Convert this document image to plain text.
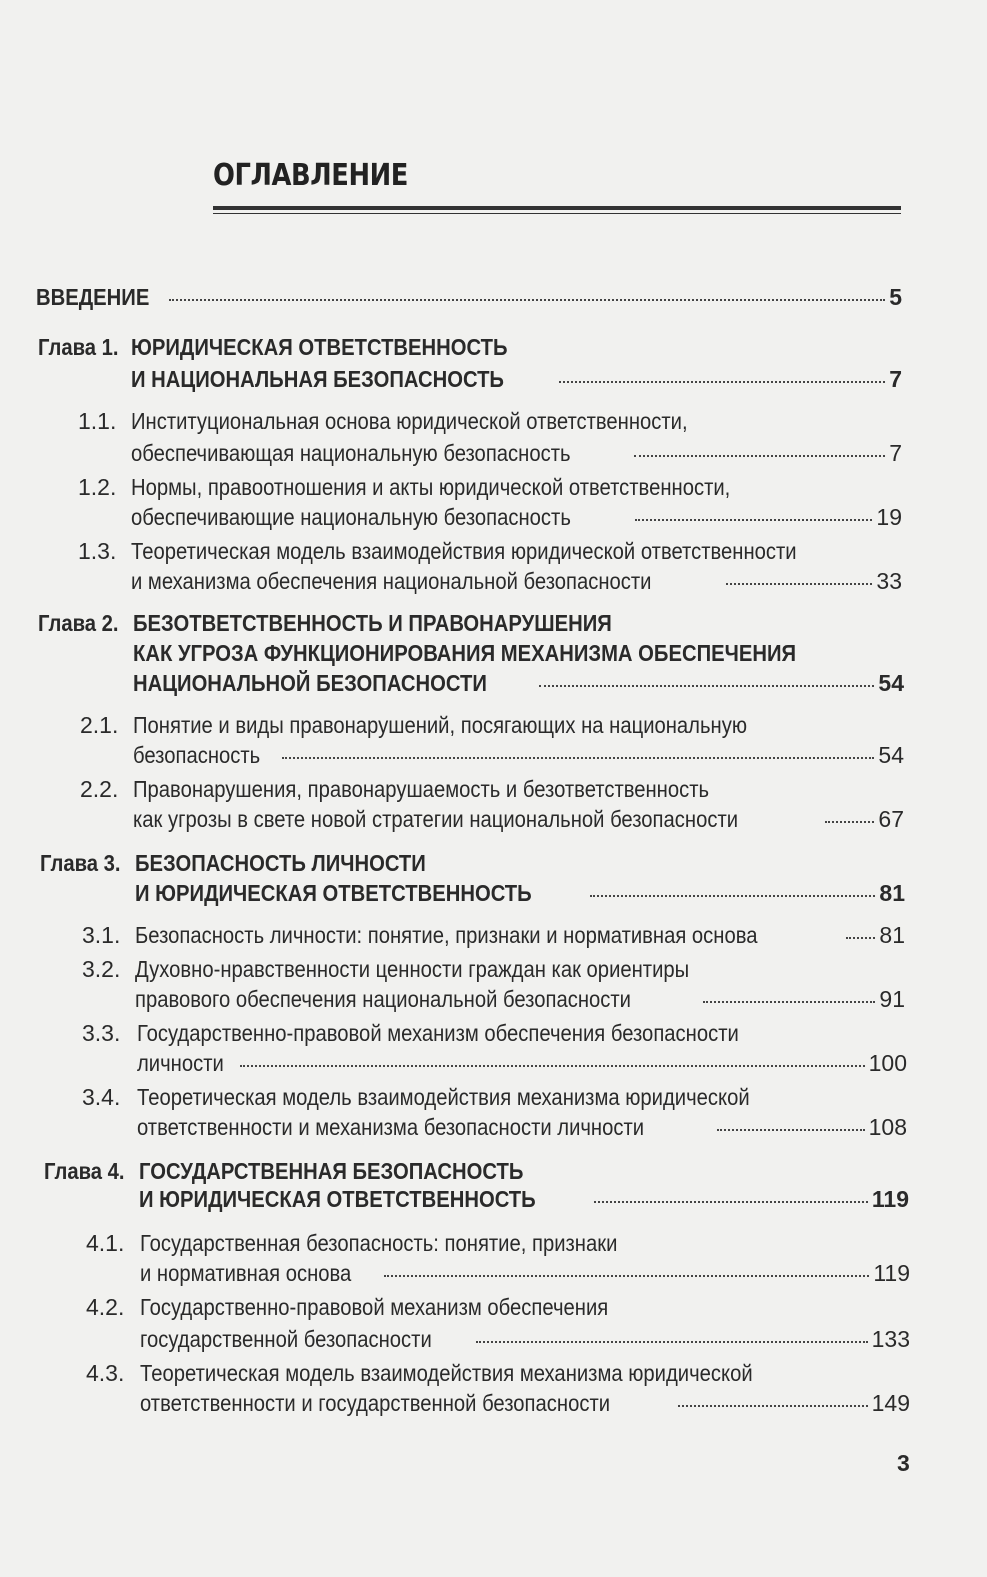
ОГЛАВЛЕНИЕ
ВВЕДЕНИЕ	5
Глава 1. ЮРИДИЧЕСКАЯ ОТВЕТСТВЕННОСТЬ
И НАЦИОНАЛЬНАЯ БЕЗОПАСНОСТЬ	7
1.1. Институциональная основа юридической ответственности,
обеспечивающая национальную безопасность	7
1.2. Нормы, правоотношения и акты юридической ответственности,
обеспечивающие национальную безопасность	19
1.3. Теоретическая модель взаимодействия юридической ответственности
и механизма обеспечения национальной безопасности	33
Глава 2. БЕЗОТВЕТСТВЕННОСТЬ И ПРАВОНАРУШЕНИЯ
КАК УГРОЗА ФУНКЦИОНИРОВАНИЯ МЕХАНИЗМА ОБЕСПЕЧЕНИЯ
НАЦИОНАЛЬНОЙ БЕЗОПАСНОСТИ	54
2.1. Понятие и виды правонарушений, посягающих на национальную
безопасность	54
2.2. Правонарушения, правонарушаемость и безответственность
как угрозы в свете новой стратегии национальной безопасности	67
Глава 3. БЕЗОПАСНОСТЬ ЛИЧНОСТИ
И ЮРИДИЧЕСКАЯ ОТВЕТСТВЕННОСТЬ	81
3.1. Безопасность личности: понятие, признаки и нормативная основа	81
3.2. Духовно-нравственности ценности граждан как ориентиры
правового обеспечения национальной безопасности	91
3.3. Государственно-правовой механизм обеспечения безопасности
личности	100
3.4. Теоретическая модель взаимодействия механизма юридической
ответственности и механизма безопасности личности	108
Глава 4. ГОСУДАРСТВЕННАЯ БЕЗОПАСНОСТЬ
И ЮРИДИЧЕСКАЯ ОТВЕТСТВЕННОСТЬ	119
4.1. Государственная безопасность: понятие, признаки
и нормативная основа	119
4.2. Государственно-правовой механизм обеспечения
государственной безопасности	133
4.3. Теоретическая модель взаимодействия механизма юридической
ответственности и государственной безопасности	149
3
